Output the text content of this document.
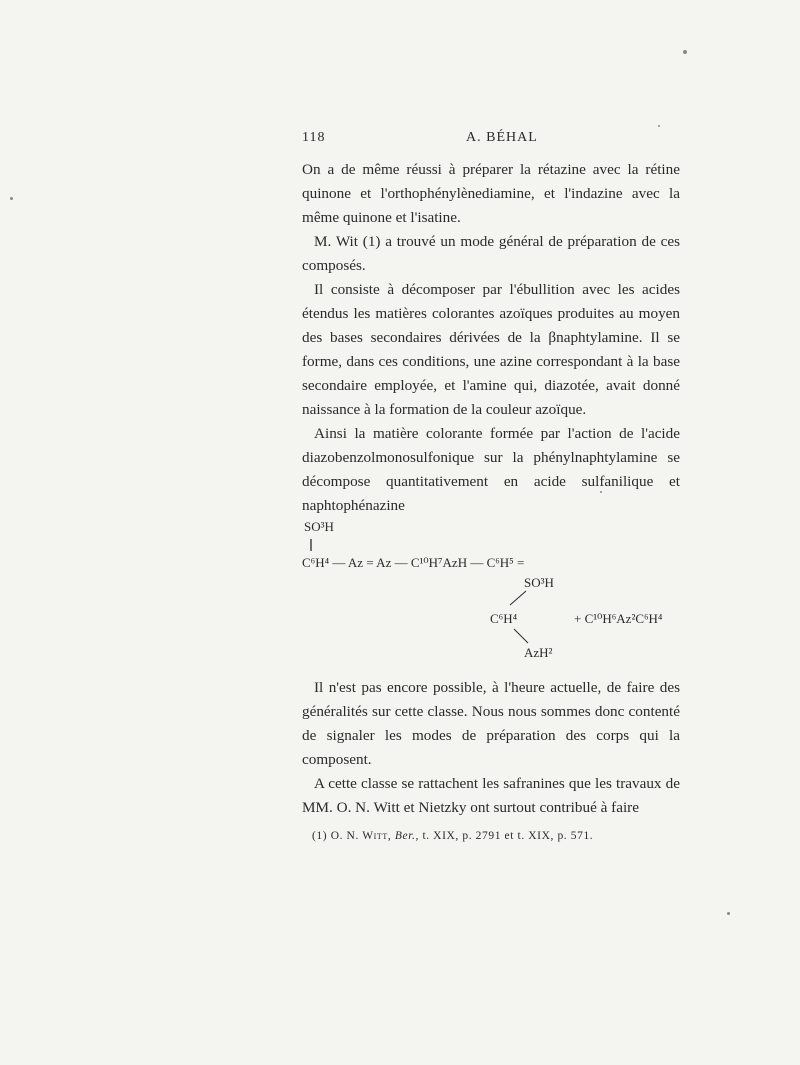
118	A. BÉHAL

On a de même réussi à préparer la rétazine avec la rétine quinone et l'orthophénylènediamine, et l'indazine avec la même quinone et l'isatine.

M. Wit (1) a trouvé un mode général de préparation de ces composés.

Il consiste à décomposer par l'ébullition avec les acides étendus les matières colorantes azoïques produites au moyen des bases secondaires dérivées de la βnaphtylamine. Il se forme, dans ces conditions, une azine correspondant à la base secondaire employée, et l'amine qui, diazotée, avait donné naissance à la formation de la couleur azoïque.

Ainsi la matière colorante formée par l'action de l'acide diazobenzolmonosulfonique sur la phénylnaphtylamine se décompose quantitativement en acide sulfanilique et naphtophénazine

SO³H
C⁶H⁴ — Az = Az — C¹⁰H⁷AzH — C⁶H⁵ =
SO³H
C⁶H⁴	+ C¹⁰H⁶Az²C⁶H⁴
AzH²

Il n'est pas encore possible, à l'heure actuelle, de faire des généralités sur cette classe. Nous nous sommes donc contenté de signaler les modes de préparation des corps qui la composent.

A cette classe se rattachent les safranines que les travaux de MM. O. N. Witt et Nietzky ont surtout contribué à faire

(1) O. N. Witt, Ber., t. XIX, p. 2791 et t. XIX, p. 571.
